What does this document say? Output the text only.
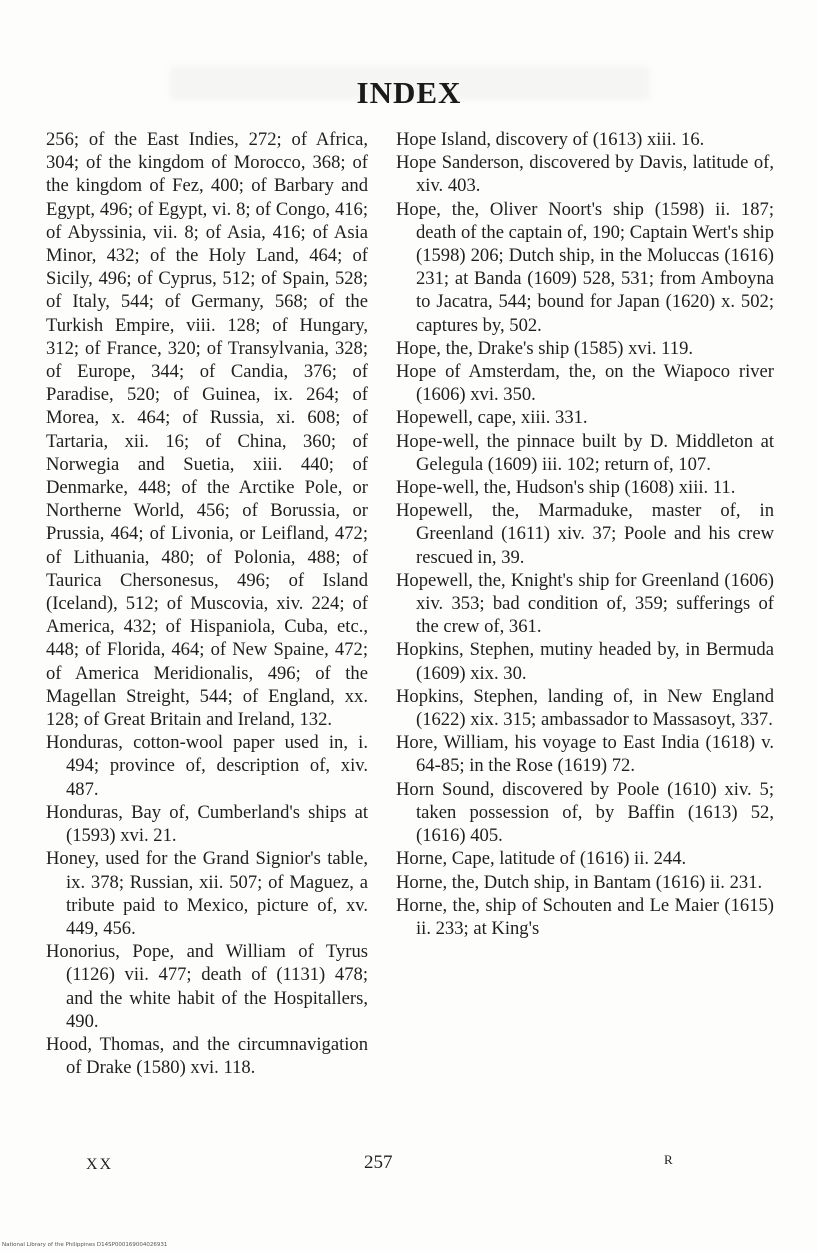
INDEX

256; of the East Indies, 272; of Africa, 304; of the kingdom of Morocco, 368; of the kingdom of Fez, 400; of Barbary and Egypt, 496; of Egypt, vi. 8; of Congo, 416; of Abyssinia, vii. 8; of Asia, 416; of Asia Minor, 432; of the Holy Land, 464; of Sicily, 496; of Cyprus, 512; of Spain, 528; of Italy, 544; of Germany, 568; of the Turkish Empire, viii. 128; of Hungary, 312; of France, 320; of Transylvania, 328; of Europe, 344; of Candia, 376; of Paradise, 520; of Guinea, ix. 264; of Morea, x. 464; of Russia, xi. 608; of Tartaria, xii. 16; of China, 360; of Norwegia and Suetia, xiii. 440; of Denmarke, 448; of the Arctike Pole, or Northerne World, 456; of Borussia, or Prussia, 464; of Livonia, or Leifland, 472; of Lithuania, 480; of Polonia, 488; of Taurica Chersonesus, 496; of Island (Iceland), 512; of Muscovia, xiv. 224; of America, 432; of Hispaniola, Cuba, etc., 448; of Florida, 464; of New Spaine, 472; of America Meridionalis, 496; of the Magellan Streight, 544; of England, xx. 128; of Great Britain and Ireland, 132.

Honduras, cotton-wool paper used in, i. 494; province of, description of, xiv. 487.

Honduras, Bay of, Cumberland's ships at (1593) xvi. 21.

Honey, used for the Grand Signior's table, ix. 378; Russian, xii. 507; of Maguez, a tribute paid to Mexico, picture of, xv. 449, 456.

Honorius, Pope, and William of Tyrus (1126) vii. 477; death of (1131) 478; and the white habit of the Hospitallers, 490.

Hood, Thomas, and the circumnavigation of Drake (1580) xvi. 118.

Hope Island, discovery of (1613) xiii. 16.

Hope Sanderson, discovered by Davis, latitude of, xiv. 403.

Hope, the, Oliver Noort's ship (1598) ii. 187; death of the captain of, 190; Captain Wert's ship (1598) 206; Dutch ship, in the Moluccas (1616) 231; at Banda (1609) 528, 531; from Amboyna to Jacatra, 544; bound for Japan (1620) x. 502; captures by, 502.

Hope, the, Drake's ship (1585) xvi. 119.

Hope of Amsterdam, the, on the Wiapoco river (1606) xvi. 350.

Hopewell, cape, xiii. 331.

Hope-well, the pinnace built by D. Middleton at Gelegula (1609) iii. 102; return of, 107.

Hope-well, the, Hudson's ship (1608) xiii. 11.

Hopewell, the, Marmaduke, master of, in Greenland (1611) xiv. 37; Poole and his crew rescued in, 39.

Hopewell, the, Knight's ship for Greenland (1606) xiv. 353; bad condition of, 359; sufferings of the crew of, 361.

Hopkins, Stephen, mutiny headed by, in Bermuda (1609) xix. 30.

Hopkins, Stephen, landing of, in New England (1622) xix. 315; ambassador to Massasoyt, 337.

Hore, William, his voyage to East India (1618) v. 64-85; in the Rose (1619) 72.

Horn Sound, discovered by Poole (1610) xiv. 5; taken possession of, by Baffin (1613) 52, (1616) 405.

Horne, Cape, latitude of (1616) ii. 244.

Horne, the, Dutch ship, in Bantam (1616) ii. 231.

Horne, the, ship of Schouten and Le Maier (1615) ii. 233; at King's

XX	257	R
National Library of the Philippines D14SP000169004026931
